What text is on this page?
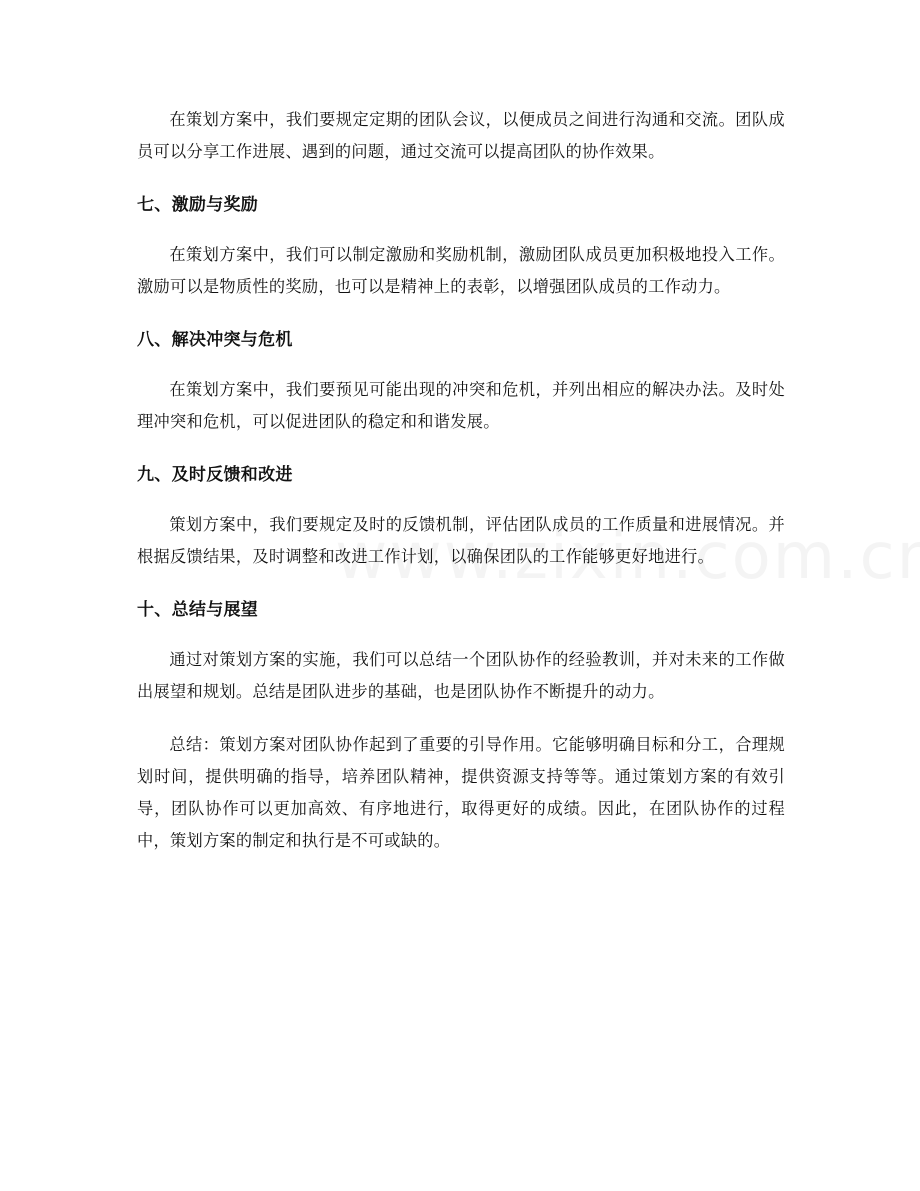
在策划方案中，我们要规定定期的团队会议，以便成员之间进行沟通和交流。团队成员可以分享工作进展、遇到的问题，通过交流可以提高团队的协作效果。

七、激励与奖励

在策划方案中，我们可以制定激励和奖励机制，激励团队成员更加积极地投入工作。激励可以是物质性的奖励，也可以是精神上的表彰，以增强团队成员的工作动力。

八、解决冲突与危机

在策划方案中，我们要预见可能出现的冲突和危机，并列出相应的解决办法。及时处理冲突和危机，可以促进团队的稳定和和谐发展。

九、及时反馈和改进

策划方案中，我们要规定及时的反馈机制，评估团队成员的工作质量和进展情况。并根据反馈结果，及时调整和改进工作计划，以确保团队的工作能够更好地进行。

十、总结与展望

通过对策划方案的实施，我们可以总结一个团队协作的经验教训，并对未来的工作做出展望和规划。总结是团队进步的基础，也是团队协作不断提升的动力。

总结：策划方案对团队协作起到了重要的引导作用。它能够明确目标和分工，合理规划时间，提供明确的指导，培养团队精神，提供资源支持等等。通过策划方案的有效引导，团队协作可以更加高效、有序地进行，取得更好的成绩。因此，在团队协作的过程中，策划方案的制定和执行是不可或缺的。
